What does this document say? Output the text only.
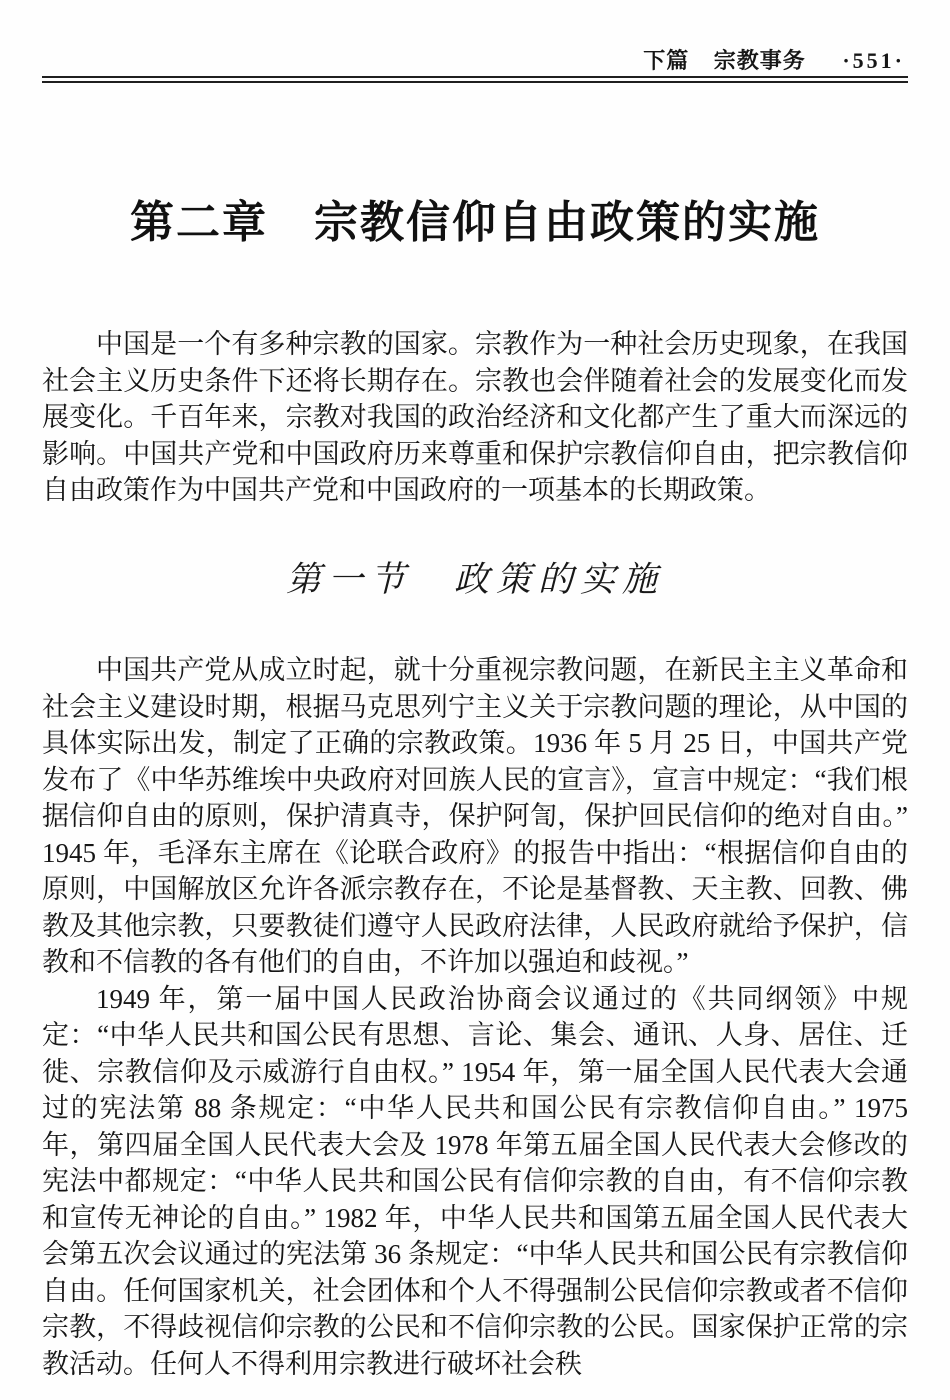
下篇 宗教事务 ·551·
第二章　宗教信仰自由政策的实施

中国是一个有多种宗教的国家。宗教作为一种社会历史现象，在我国社会主义历史条件下还将长期存在。宗教也会伴随着社会的发展变化而发展变化。千百年来，宗教对我国的政治经济和文化都产生了重大而深远的影响。中国共产党和中国政府历来尊重和保护宗教信仰自由，把宗教信仰自由政策作为中国共产党和中国政府的一项基本的长期政策。

第一节　政策的实施

中国共产党从成立时起，就十分重视宗教问题，在新民主主义革命和社会主义建设时期，根据马克思列宁主义关于宗教问题的理论，从中国的具体实际出发，制定了正确的宗教政策。1936 年 5 月 25 日，中国共产党发布了《中华苏维埃中央政府对回族人民的宣言》，宣言中规定：“我们根据信仰自由的原则，保护清真寺，保护阿訇，保护回民信仰的绝对自由。” 1945 年，毛泽东主席在《论联合政府》的报告中指出：“根据信仰自由的原则，中国解放区允许各派宗教存在，不论是基督教、天主教、回教、佛教及其他宗教，只要教徒们遵守人民政府法律，人民政府就给予保护，信教和不信教的各有他们的自由，不许加以强迫和歧视。”

1949 年，第一届中国人民政治协商会议通过的《共同纲领》中规定：“中华人民共和国公民有思想、言论、集会、通讯、人身、居住、迁徙、宗教信仰及示威游行自由权。” 1954 年，第一届全国人民代表大会通过的宪法第 88 条规定：“中华人民共和国公民有宗教信仰自由。” 1975 年，第四届全国人民代表大会及 1978 年第五届全国人民代表大会修改的宪法中都规定：“中华人民共和国公民有信仰宗教的自由，有不信仰宗教和宣传无神论的自由。” 1982 年，中华人民共和国第五届全国人民代表大会第五次会议通过的宪法第 36 条规定：“中华人民共和国公民有宗教信仰自由。任何国家机关，社会团体和个人不得强制公民信仰宗教或者不信仰宗教，不得歧视信仰宗教的公民和不信仰宗教的公民。国家保护正常的宗教活动。任何人不得利用宗教进行破坏社会秩
